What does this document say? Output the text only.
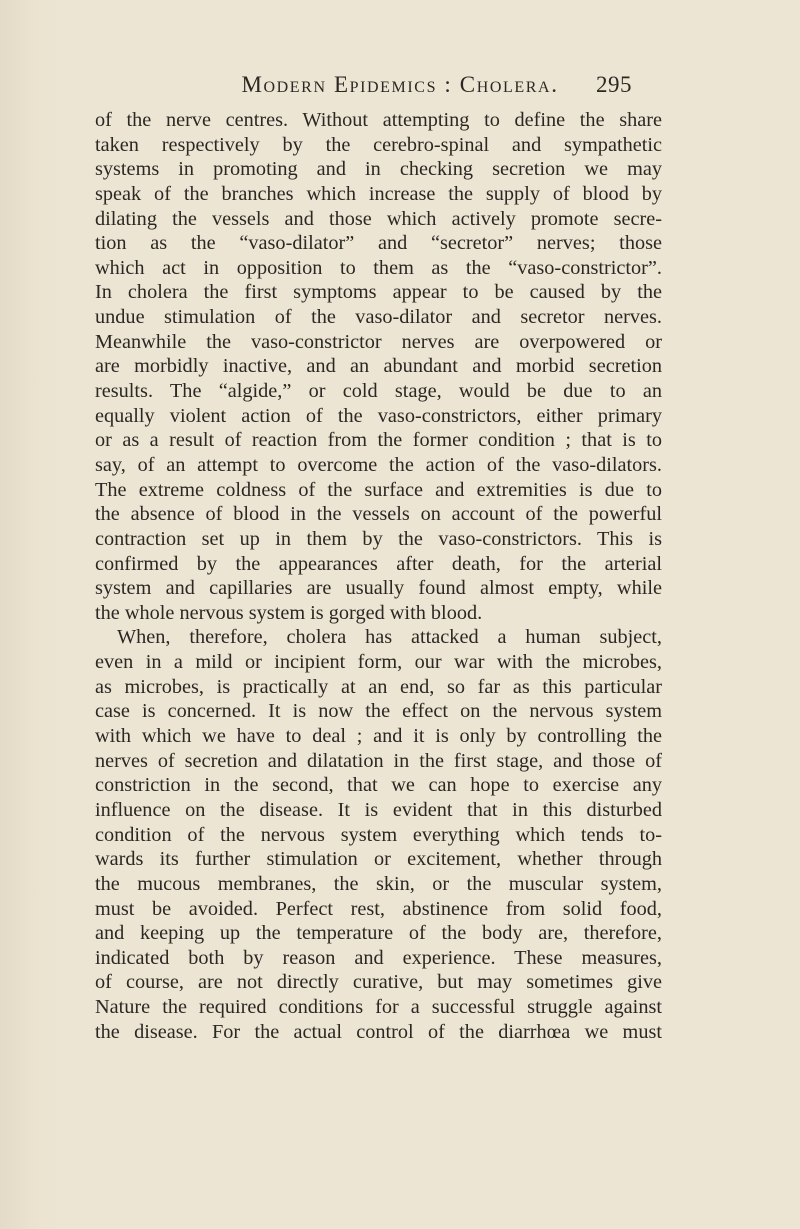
Modern Epidemics : Cholera.	295
of the nerve centres. Without attempting to define the share
taken respectively by the cerebro-spinal and sympathetic
systems in promoting and in checking secretion we may
speak of the branches which increase the supply of blood by
dilating the vessels and those which actively promote secre-
tion as the “vaso-dilator” and “secretor” nerves; those
which act in opposition to them as the “vaso-constrictor”.
In cholera the first symptoms appear to be caused by the
undue stimulation of the vaso-dilator and secretor nerves.
Meanwhile the vaso-constrictor nerves are overpowered or
are morbidly inactive, and an abundant and morbid secretion
results. The “algide,” or cold stage, would be due to an
equally violent action of the vaso-constrictors, either primary
or as a result of reaction from the former condition ; that is to
say, of an attempt to overcome the action of the vaso-dilators.
The extreme coldness of the surface and extremities is due to
the absence of blood in the vessels on account of the powerful
contraction set up in them by the vaso-constrictors. This is
confirmed by the appearances after death, for the arterial
system and capillaries are usually found almost empty, while
the whole nervous system is gorged with blood.
When, therefore, cholera has attacked a human subject,
even in a mild or incipient form, our war with the microbes,
as microbes, is practically at an end, so far as this particular
case is concerned. It is now the effect on the nervous system
with which we have to deal ; and it is only by controlling the
nerves of secretion and dilatation in the first stage, and those of
constriction in the second, that we can hope to exercise any
influence on the disease. It is evident that in this disturbed
condition of the nervous system everything which tends to-
wards its further stimulation or excitement, whether through
the mucous membranes, the skin, or the muscular system,
must be avoided. Perfect rest, abstinence from solid food,
and keeping up the temperature of the body are, therefore,
indicated both by reason and experience. These measures,
of course, are not directly curative, but may sometimes give
Nature the required conditions for a successful struggle against
the disease. For the actual control of the diarrhœa we must
